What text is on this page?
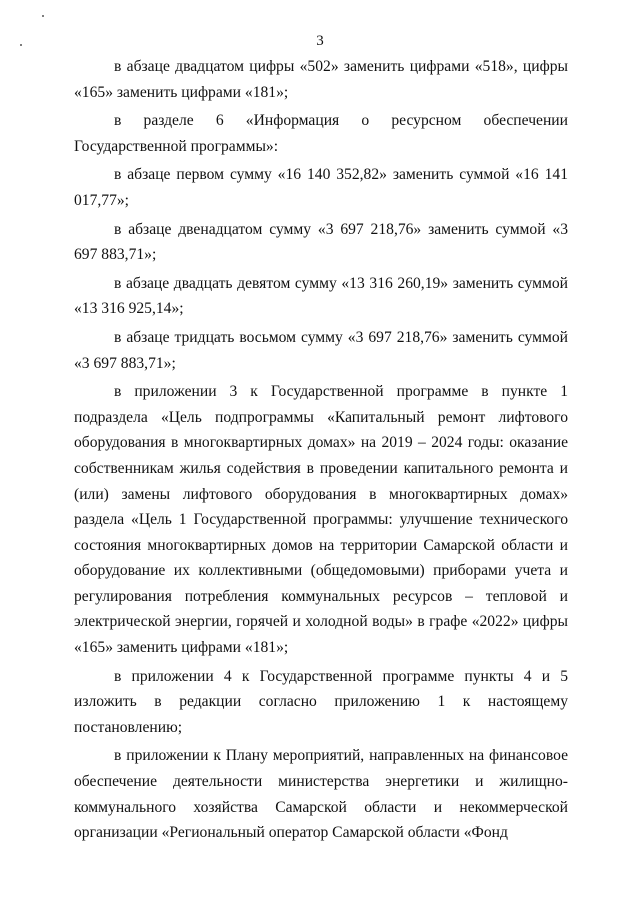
3

в абзаце двадцатом цифры «502» заменить цифрами «518», цифры «165» заменить цифрами «181»;

в разделе 6 «Информация о ресурсном обеспечении Государственной программы»:

в абзаце первом сумму «16 140 352,82» заменить суммой «16 141 017,77»;

в абзаце двенадцатом сумму «3 697 218,76» заменить суммой «3 697 883,71»;

в абзаце двадцать девятом сумму «13 316 260,19» заменить суммой «13 316 925,14»;

в абзаце тридцать восьмом сумму «3 697 218,76» заменить суммой «3 697 883,71»;

в приложении 3 к Государственной программе в пункте 1 подраздела «Цель подпрограммы «Капитальный ремонт лифтового оборудования в многоквартирных домах» на 2019 – 2024 годы: оказание собственникам жилья содействия в проведении капитального ремонта и (или) замены лифтового оборудования в многоквартирных домах» раздела «Цель 1 Государственной программы: улучшение технического состояния многоквартирных домов на территории Самарской области и оборудование их коллективными (общедомовыми) приборами учета и регулирования потребления коммунальных ресурсов – тепловой и электрической энергии, горячей и холодной воды» в графе «2022» цифры «165» заменить цифрами «181»;

в приложении 4 к Государственной программе пункты 4 и 5 изложить в редакции согласно приложению 1 к настоящему постановлению;

в приложении к Плану мероприятий, направленных на финансовое обеспечение деятельности министерства энергетики и жилищно-коммунального хозяйства Самарской области и некоммерческой организации «Региональный оператор Самарской области «Фонд
